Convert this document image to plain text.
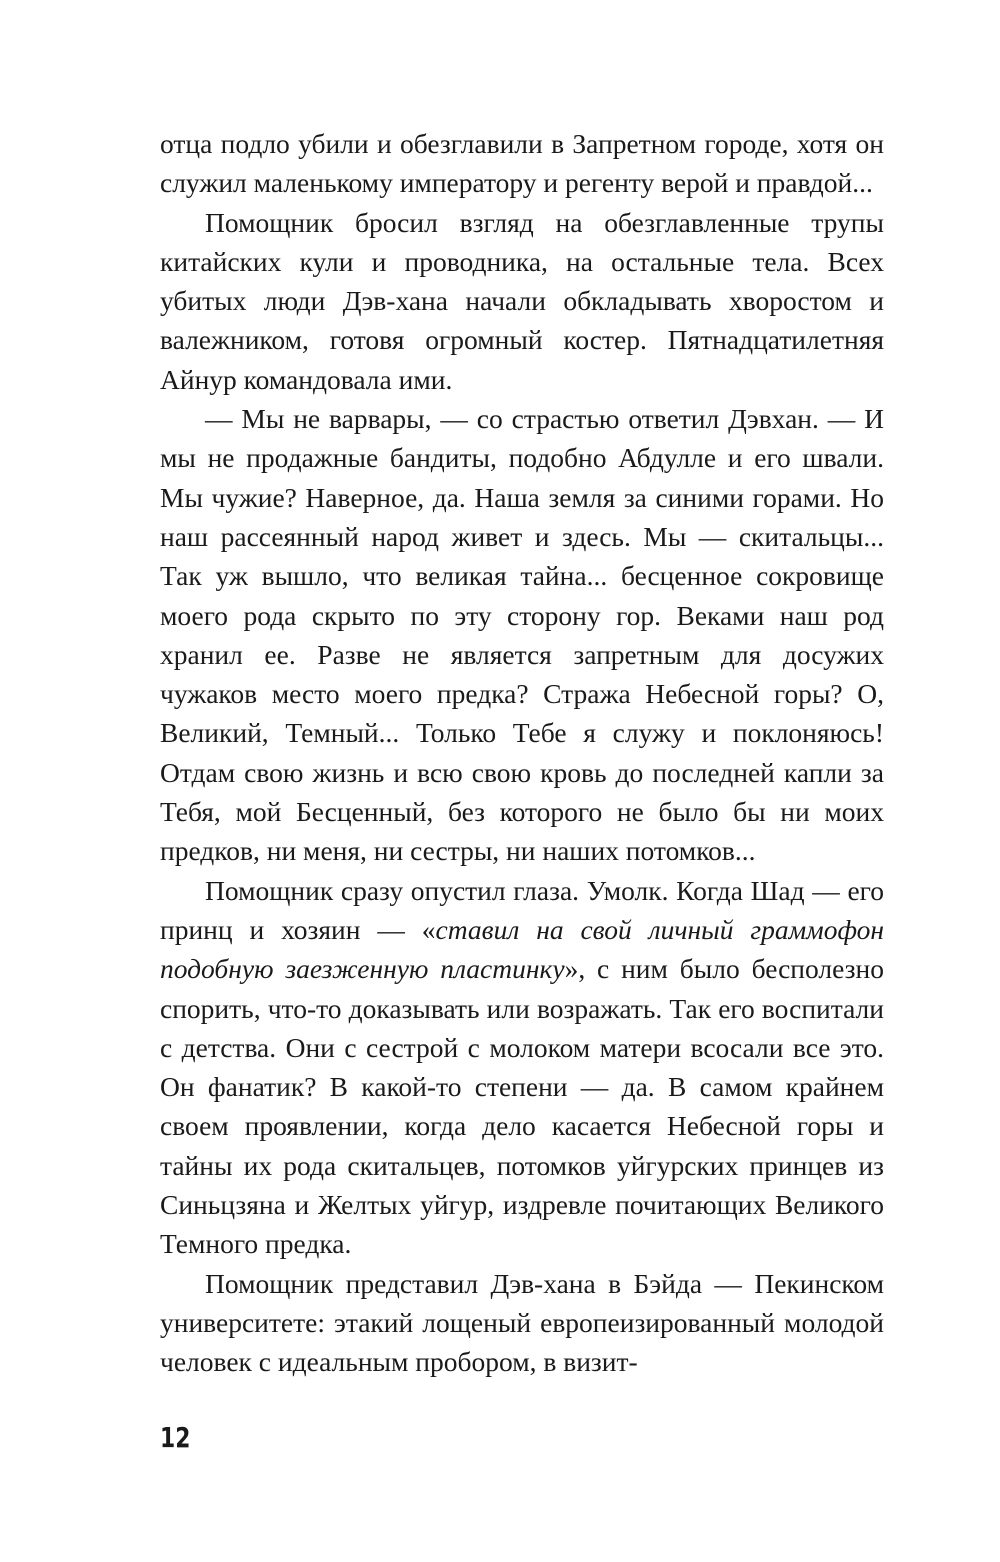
отца подло убили и обезглавили в Запретном городе, хотя он служил маленькому императору и регенту верой и правдой...

Помощник бросил взгляд на обезглавленные трупы китайских кули и проводника, на остальные тела. Всех убитых люди Дэв-хана начали обкладывать хворостом и валежником, готовя огромный костер. Пятнадцатилетняя Айнур командовала ими.

— Мы не варвары, — со страстью ответил Дэвхан. — И мы не продажные бандиты, подобно Абдулле и его швали. Мы чужие? Наверное, да. Наша земля за синими горами. Но наш рассеянный народ живет и здесь. Мы — скитальцы... Так уж вышло, что великая тайна... бесценное сокровище моего рода скрыто по эту сторону гор. Веками наш род хранил ее. Разве не является запретным для досужих чужаков место моего предка? Стража Небесной горы? О, Великий, Темный... Только Тебе я служу и поклоняюсь! Отдам свою жизнь и всю свою кровь до последней капли за Тебя, мой Бесценный, без которого не было бы ни моих предков, ни меня, ни сестры, ни наших потомков...

Помощник сразу опустил глаза. Умолк. Когда Шад — его принц и хозяин — «ставил на свой личный граммофон подобную заезженную пластинку», с ним было бесполезно спорить, что-то доказывать или возражать. Так его воспитали с детства. Они с сестрой с молоком матери всосали все это. Он фанатик? В какой-то степени — да. В самом крайнем своем проявлении, когда дело касается Небесной горы и тайны их рода скитальцев, потомков уйгурских принцев из Синьцзяна и Желтых уйгур, издревле почитающих Великого Темного предка.

Помощник представил Дэв-хана в Бэйда — Пекинском университете: этакий лощеный европеизированный молодой человек с идеальным пробором, в визит-

12
